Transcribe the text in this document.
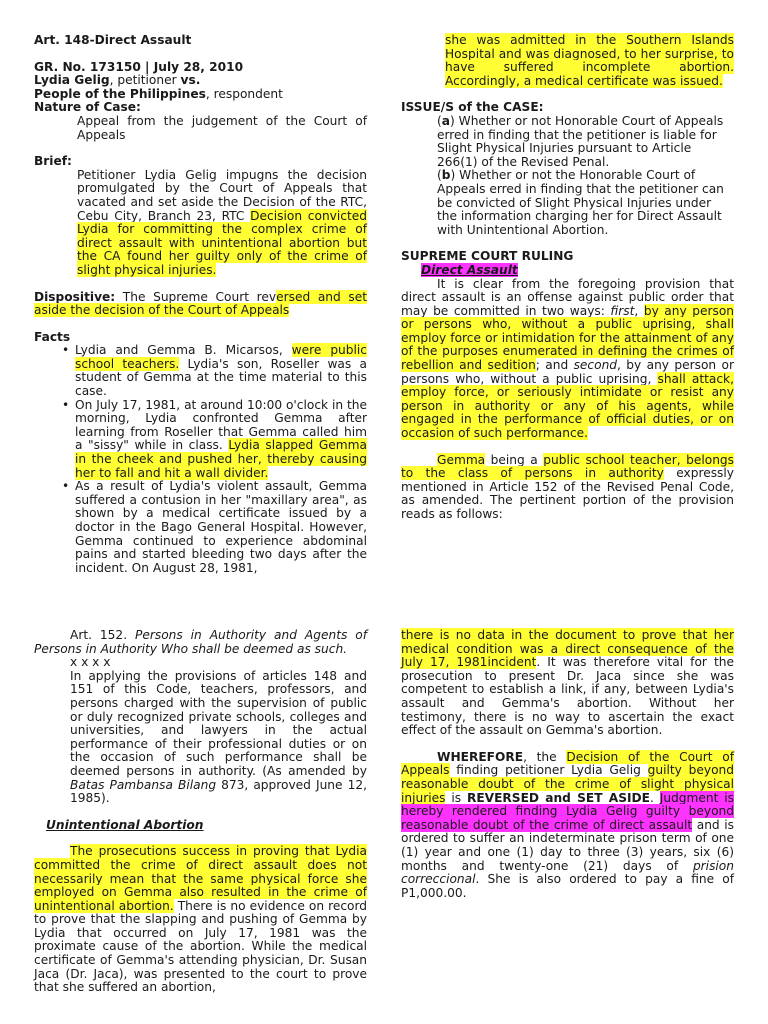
Art. 148-Direct Assault

GR. No. 173150 | July 28, 2010

Lydia Gelig, petitioner vs.

People of the Philippines, respondent

Nature of Case:

Appeal from the judgement of the Court of Appeals

Brief:

Petitioner Lydia Gelig impugns the decision promulgated by the Court of Appeals that vacated and set aside the Decision of the RTC, Cebu City, Branch 23, RTC Decision convicted Lydia for committing the complex crime of direct assault with unintentional abortion but the CA found her guilty only of the crime of slight physical injuries.

Dispositive: The Supreme Court reversed and set aside the decision of the Court of Appeals

Facts

• Lydia and Gemma B. Micarsos, were public school teachers. Lydia's son, Roseller was a student of Gemma at the time material to this case.
• On July 17, 1981, at around 10:00 o'clock in the morning, Lydia confronted Gemma after learning from Roseller that Gemma called him a "sissy" while in class. Lydia slapped Gemma in the cheek and pushed her, thereby causing her to fall and hit a wall divider.
• As a result of Lydia's violent assault, Gemma suffered a contusion in her "maxillary area", as shown by a medical certificate issued by a doctor in the Bago General Hospital. However, Gemma continued to experience abdominal pains and started bleeding two days after the incident. On August 28, 1981,

she was admitted in the Southern Islands Hospital and was diagnosed, to her surprise, to have suffered incomplete abortion. Accordingly, a medical certificate was issued.

ISSUE/S of the CASE:

(a) Whether or not Honorable Court of Appeals erred in finding that the petitioner is liable for Slight Physical Injuries pursuant to Article 266(1) of the Revised Penal.

(b) Whether or not the Honorable Court of Appeals erred in finding that the petitioner can be convicted of Slight Physical Injuries under the information charging her for Direct Assault with Unintentional Abortion.

SUPREME COURT RULING

Direct Assault

It is clear from the foregoing provision that direct assault is an offense against public order that may be committed in two ways: first, by any person or persons who, without a public uprising, shall employ force or intimidation for the attainment of any of the purposes enumerated in defining the crimes of rebellion and sedition; and second, by any person or persons who, without a public uprising, shall attack, employ force, or seriously intimidate or resist any person in authority or any of his agents, while engaged in the performance of official duties, or on occasion of such performance.

Gemma being a public school teacher, belongs to the class of persons in authority expressly mentioned in Article 152 of the Revised Penal Code, as amended. The pertinent portion of the provision reads as follows:

Art. 152. Persons in Authority and Agents of Persons in Authority Who shall be deemed as such.

x x x x

In applying the provisions of articles 148 and 151 of this Code, teachers, professors, and persons charged with the supervision of public or duly recognized private schools, colleges and universities, and lawyers in the actual performance of their professional duties or on the occasion of such performance shall be deemed persons in authority. (As amended by Batas Pambansa Bilang 873, approved June 12, 1985).

Unintentional Abortion

The prosecutions success in proving that Lydia committed the crime of direct assault does not necessarily mean that the same physical force she employed on Gemma also resulted in the crime of unintentional abortion. There is no evidence on record to prove that the slapping and pushing of Gemma by Lydia that occurred on July 17, 1981 was the proximate cause of the abortion. While the medical certificate of Gemma's attending physician, Dr. Susan Jaca (Dr. Jaca), was presented to the court to prove that she suffered an abortion,

there is no data in the document to prove that her medical condition was a direct consequence of the July 17, 1981incident. It was therefore vital for the prosecution to present Dr. Jaca since she was competent to establish a link, if any, between Lydia's assault and Gemma's abortion. Without her testimony, there is no way to ascertain the exact effect of the assault on Gemma's abortion.

WHEREFORE, the Decision of the Court of Appeals finding petitioner Lydia Gelig guilty beyond reasonable doubt of the crime of slight physical injuries is REVERSED and SET ASIDE. Judgment is hereby rendered finding Lydia Gelig guilty beyond reasonable doubt of the crime of direct assault and is ordered to suffer an indeterminate prison term of one (1) year and one (1) day to three (3) years, six (6) months and twenty-one (21) days of prision correccional. She is also ordered to pay a fine of P1,000.00.
